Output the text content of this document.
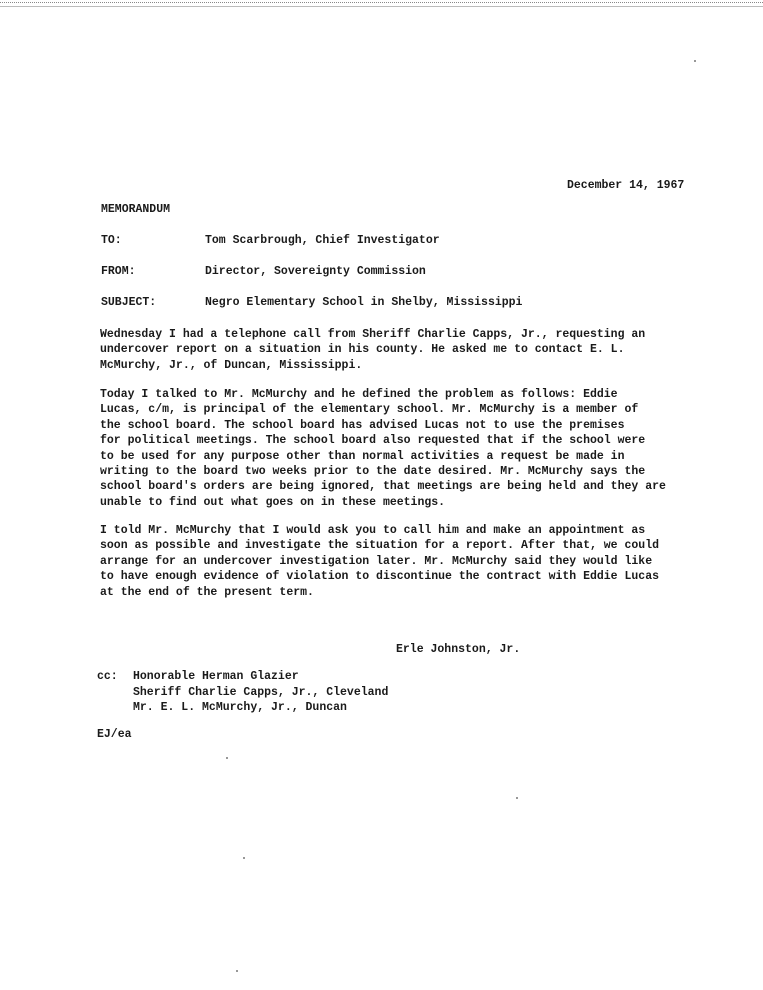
December 14, 1967
MEMORANDUM
TO:	Tom Scarbrough, Chief Investigator
FROM:	Director, Sovereignty Commission
SUBJECT:	Negro Elementary School in Shelby, Mississippi
Wednesday I had a telephone call from Sheriff Charlie Capps, Jr., requesting an
undercover report on a situation in his county. He asked me to contact E. L.
McMurchy, Jr., of Duncan, Mississippi.
Today I talked to Mr. McMurchy and he defined the problem as follows: Eddie
Lucas, c/m, is principal of the elementary school. Mr. McMurchy is a member of
the school board. The school board has advised Lucas not to use the premises
for political meetings. The school board also requested that if the school were
to be used for any purpose other than normal activities a request be made in
writing to the board two weeks prior to the date desired. Mr. McMurchy says the
school board's orders are being ignored, that meetings are being held and they are
unable to find out what goes on in these meetings.
I told Mr. McMurchy that I would ask you to call him and make an appointment as
soon as possible and investigate the situation for a report. After that, we could
arrange for an undercover investigation later. Mr. McMurchy said they would like
to have enough evidence of violation to discontinue the contract with Eddie Lucas
at the end of the present term.
Erle Johnston, Jr.
cc: Honorable Herman Glazier
Sheriff Charlie Capps, Jr., Cleveland
Mr. E. L. McMurchy, Jr., Duncan
EJ/ea
